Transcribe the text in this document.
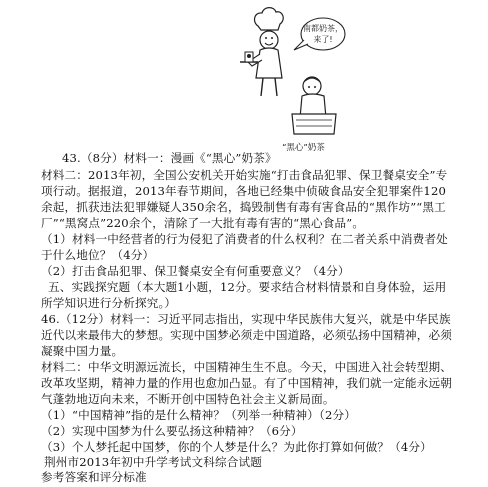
南都奶茶，
来了!
“黑心”奶茶
43.（8分）材料一：漫画《“黑心”奶茶》
材料二：2013年初，全国公安机关开始实施“打击食品犯罪、保卫餐桌安全”专
项行动。据报道，2013年春节期间，各地已经集中侦破食品安全犯罪案件120
余起，抓获违法犯罪嫌疑人350余名，捣毁制售有毒有害食品的“黑作坊”“黑工
厂”“黑窝点”220余个，清除了一大批有毒有害的“黑心食品”。
（1）材料一中经营者的行为侵犯了消费者的什么权利？在二者关系中消费者处
于什么地位？（4分）
（2）打击食品犯罪、保卫餐桌安全有何重要意义？（4分）
五、实践探究题（本大题1小题，12分。要求结合材料情景和自身体验，运用
所学知识进行分析探究。）
46.（12分）材料一：习近平同志指出，实现中华民族伟大复兴，就是中华民族
近代以来最伟大的梦想。实现中国梦必须走中国道路，必须弘扬中国精神，必须
凝聚中国力量。
材料二：中华文明源远流长，中国精神生生不息。今天，中国进入社会转型期、
改革攻坚期，精神力量的作用也愈加凸显。有了中国精神，我们就一定能永远朝
气蓬勃地迈向未来，不断开创中国特色社会主义新局面。
（1）“中国精神”指的是什么精神？（列举一种精神）（2分）
（2）实现中国梦为什么要弘扬这种精神？（6分）
（3）个人梦托起中国梦，你的个人梦是什么？为此你打算如何做？（4分）
荆州市2013年初中升学考试文科综合试题
参考答案和评分标准
